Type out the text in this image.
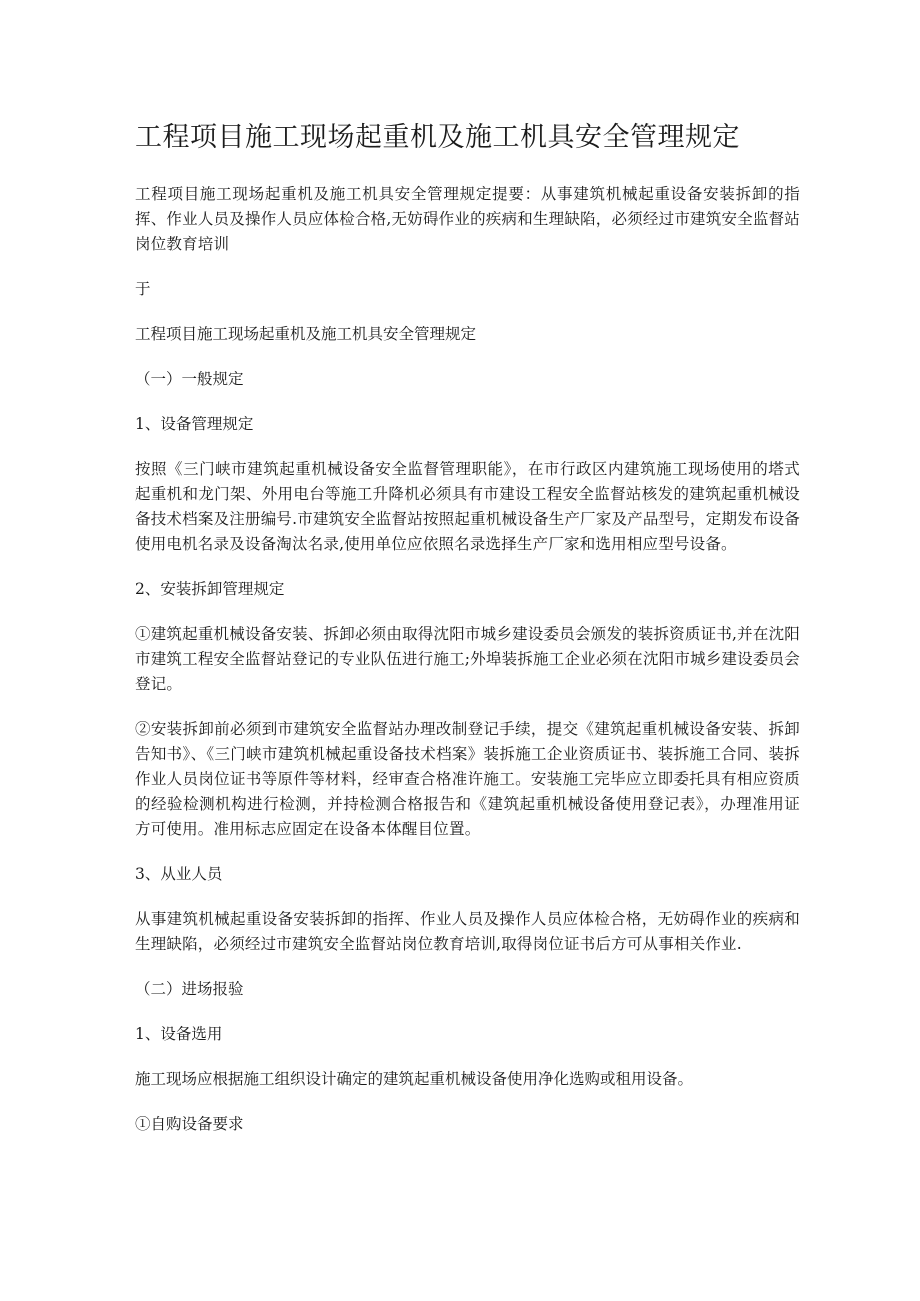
工程项目施工现场起重机及施工机具安全管理规定

工程项目施工现场起重机及施工机具安全管理规定提要：从事建筑机械起重设备安装拆卸的指挥、作业人员及操作人员应体检合格,无妨碍作业的疾病和生理缺陷，必须经过市建筑安全监督站岗位教育培训

于

工程项目施工现场起重机及施工机具安全管理规定

（一）一般规定

1、设备管理规定

按照《三门峡市建筑起重机械设备安全监督管理职能》，在市行政区内建筑施工现场使用的塔式起重机和龙门架、外用电台等施工升降机必须具有市建设工程安全监督站核发的建筑起重机械设备技术档案及注册编号.市建筑安全监督站按照起重机械设备生产厂家及产品型号，定期发布设备使用电机名录及设备淘汰名录,使用单位应依照名录选择生产厂家和选用相应型号设备。

2、安装拆卸管理规定

①建筑起重机械设备安装、拆卸必须由取得沈阳市城乡建设委员会颁发的装拆资质证书,并在沈阳市建筑工程安全监督站登记的专业队伍进行施工;外埠装拆施工企业必须在沈阳市城乡建设委员会登记。

②安装拆卸前必须到市建筑安全监督站办理改制登记手续，提交《建筑起重机械设备安装、拆卸告知书》、《三门峡市建筑机械起重设备技术档案》装拆施工企业资质证书、装拆施工合同、装拆作业人员岗位证书等原件等材料，经审查合格准许施工。安装施工完毕应立即委托具有相应资质的经验检测机构进行检测，并持检测合格报告和《建筑起重机械设备使用登记表》，办理准用证方可使用。准用标志应固定在设备本体醒目位置。

3、从业人员

从事建筑机械起重设备安装拆卸的指挥、作业人员及操作人员应体检合格，无妨碍作业的疾病和生理缺陷，必须经过市建筑安全监督站岗位教育培训,取得岗位证书后方可从事相关作业.

（二）进场报验

1、设备选用

施工现场应根据施工组织设计确定的建筑起重机械设备使用净化选购或租用设备。

①自购设备要求
